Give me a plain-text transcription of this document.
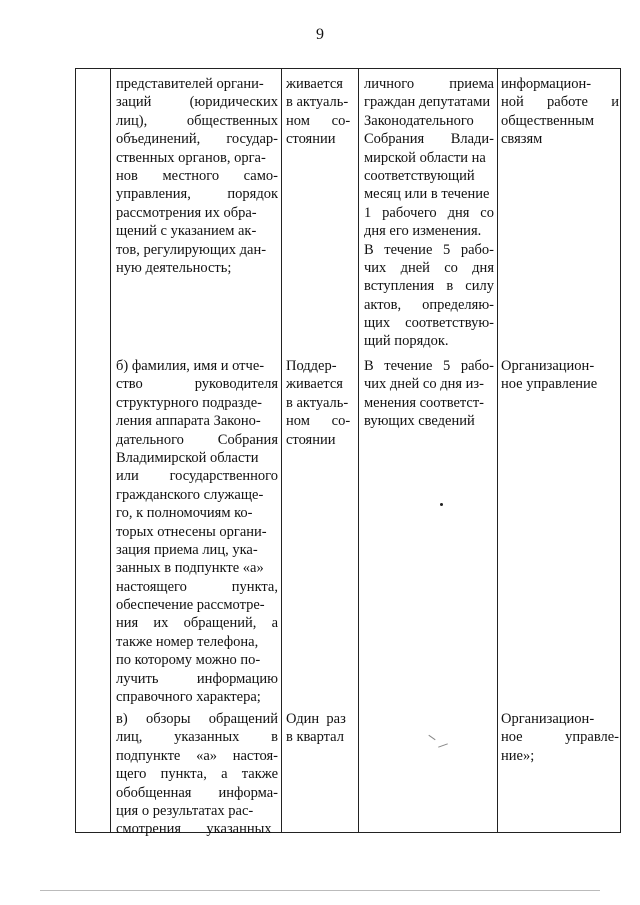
9
представителей органи-
заций (юридических
лиц), общественных
объединений, государ-
ственных органов, орга-
нов местного само-
управления, порядок
рассмотрения их обра-
щений с указанием ак-
тов, регулирующих дан-
ную деятельность;
живается
в актуаль-
ном      со-
стоянии
личного приема
граждан депутатами
Законодательного
Собрания Влади-
мирской области на
соответствующий
месяц или в течение
1 рабочего дня со
дня его изменения.
В течение 5 рабо-
чих дней со дня
вступления в силу
актов, определяю-
щих соответствую-
щий порядок.
информацион-
ной работе и
общественным
связям
б) фамилия, имя и отче-
ство руководителя
структурного подразде-
ления аппарата Законо-
дательного Собрания
Владимирской области
или государственного
гражданского служаще-
го, к полномочиям ко-
торых отнесены органи-
зация приема лиц, ука-
занных в подпункте «а»
настоящего пункта,
обеспечение рассмотре-
ния их обращений, а
также номер телефона,
по которому можно по-
лучить информацию
справочного характера;
Поддер-
живается
в актуаль-
ном      со-
стоянии
В течение 5 рабо-
чих дней со дня из-
менения соответст-
вующих сведений
Организацион-
ное управление
в) обзоры обращений
лиц, указанных в
подпункте «а» настоя-
щего пункта, а также
обобщенная информа-
ция о результатах рас-
смотрения       указанных
Один  раз
в квартал
Организацион-
ное управле-
ние»;
